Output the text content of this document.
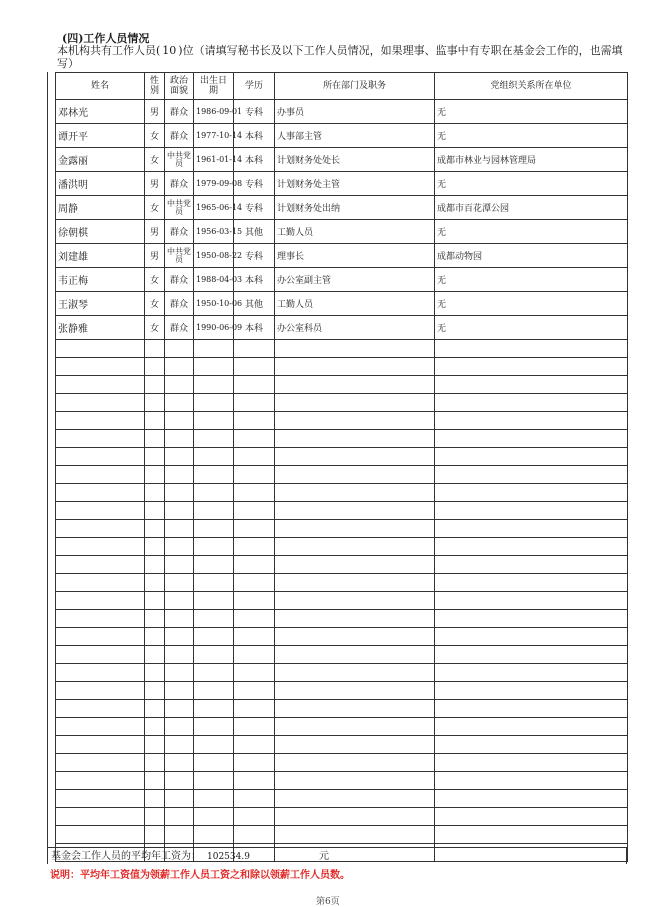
(四)工作人员情况
本机构共有工作人员( 10 )位（请填写秘书长及以下工作人员情况，如果理事、监事中有专职在基金会工作的，也需填写）
姓名	性别	政治面貌	出生日期	学历	所在部门及职务	党组织关系所在单位
邓林光	男	群众	1986-09-01	专科	办事员	无
谭开平	女	群众	1977-10-14	本科	人事部主管	无
金露丽	女	中共党员	1961-01-14	本科	计划财务处处长	成都市林业与园林管理局
潘洪明	男	群众	1979-09-08	专科	计划财务处主管	无
周静	女	中共党员	1965-06-14	专科	计划财务处出纳	成都市百花潭公园
徐朝棋	男	群众	1956-03-15	其他	工勤人员	无
刘建雄	男	中共党员	1950-08-22	专科	理事长	成都动物园
韦正梅	女	群众	1988-04-03	本科	办公室副主管	无
王淑琴	女	群众	1950-10-06	其他	工勤人员	无
张静雅	女	群众	1990-06-09	本科	办公室科员	无

基金会工作人员的平均年工资为： 102534.9	元
说明：平均年工资值为领薪工作人员工资之和除以领薪工作人员数。
第6页
